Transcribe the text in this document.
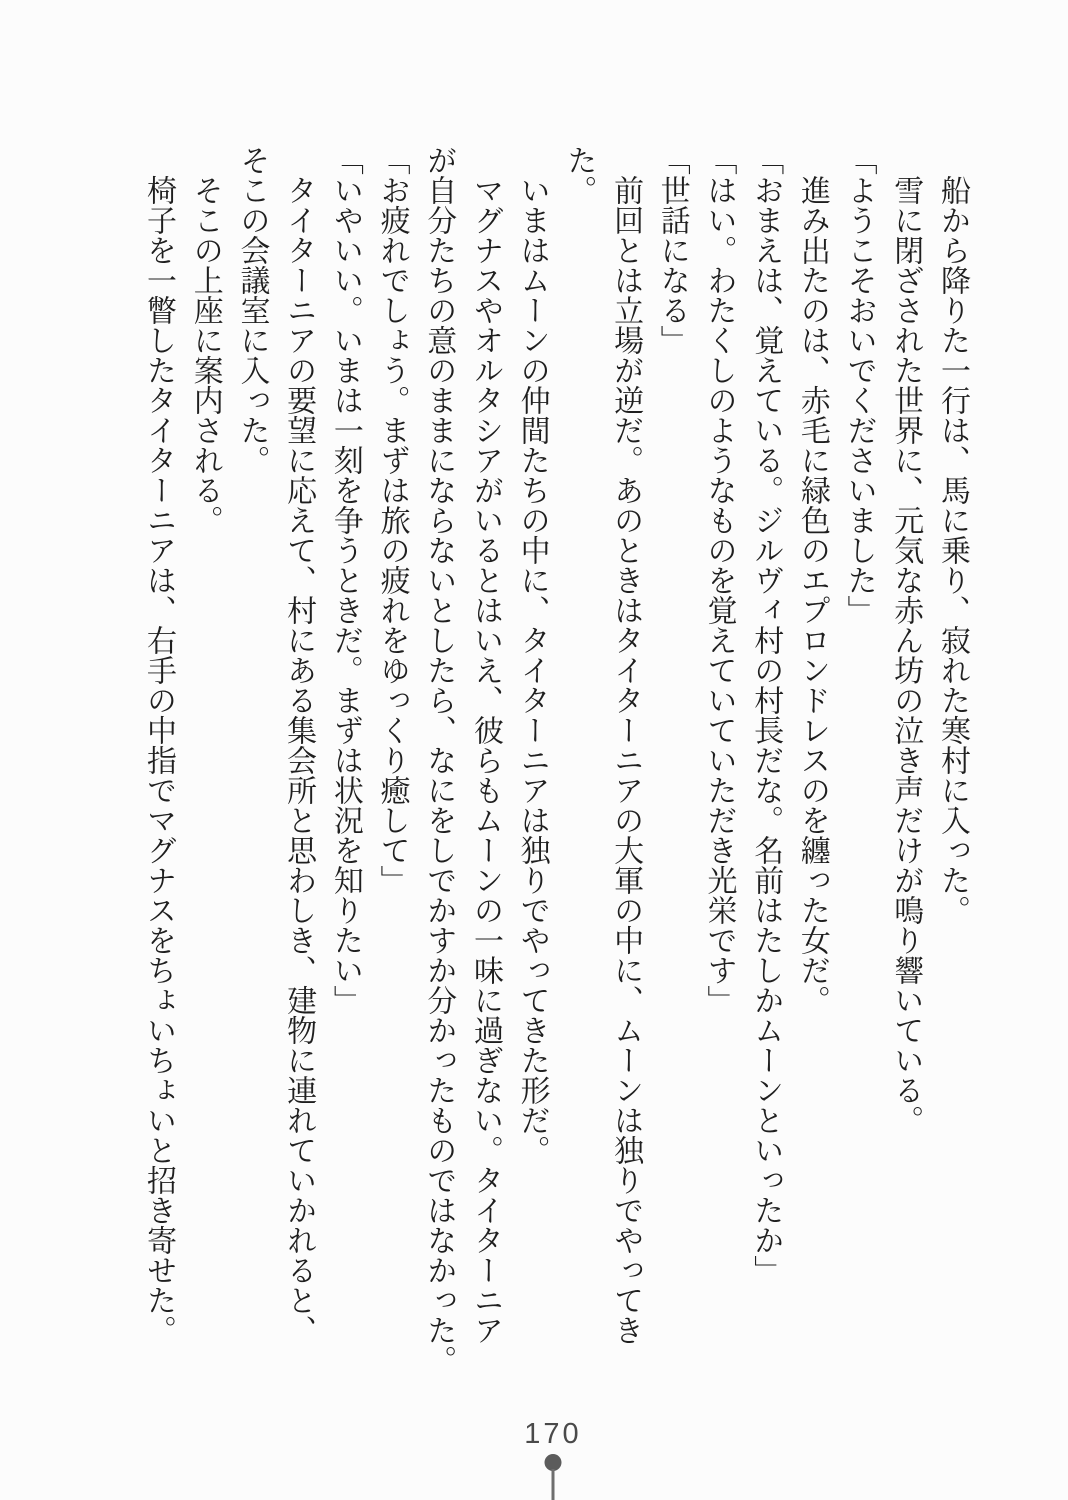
船から降りた一行は、馬に乗り、寂れた寒村に入った。
雪に閉ざされた世界に、元気な赤ん坊の泣き声だけが鳴り響いている。
「ようこそおいでくださいました」
進み出たのは、赤毛に緑色のエプロンドレスのを纏った女だ。
「おまえは、覚えている。ジルヴィ村の村長だな。名前はたしかムーンといったか」
「はい。わたくしのようなものを覚えていていただき光栄です」
「世話になる」
前回とは立場が逆だ。あのときはタイターニアの大軍の中に、ムーンは独りでやってき
た。
いまはムーンの仲間たちの中に、タイターニアは独りでやってきた形だ。
マグナスやオルタシアがいるとはいえ、彼らもムーンの一味に過ぎない。タイターニア
が自分たちの意のままにならないとしたら、なにをしでかすか分かったものではなかった。
「お疲れでしょう。まずは旅の疲れをゆっくり癒して」
「いやいい。いまは一刻を争うときだ。まずは状況を知りたい」
タイターニアの要望に応えて、村にある集会所と思わしき、建物に連れていかれると、
そこの会議室に入った。
そこの上座に案内される。
椅子を一瞥したタイターニアは、右手の中指でマグナスをちょいちょいと招き寄せた。
170
